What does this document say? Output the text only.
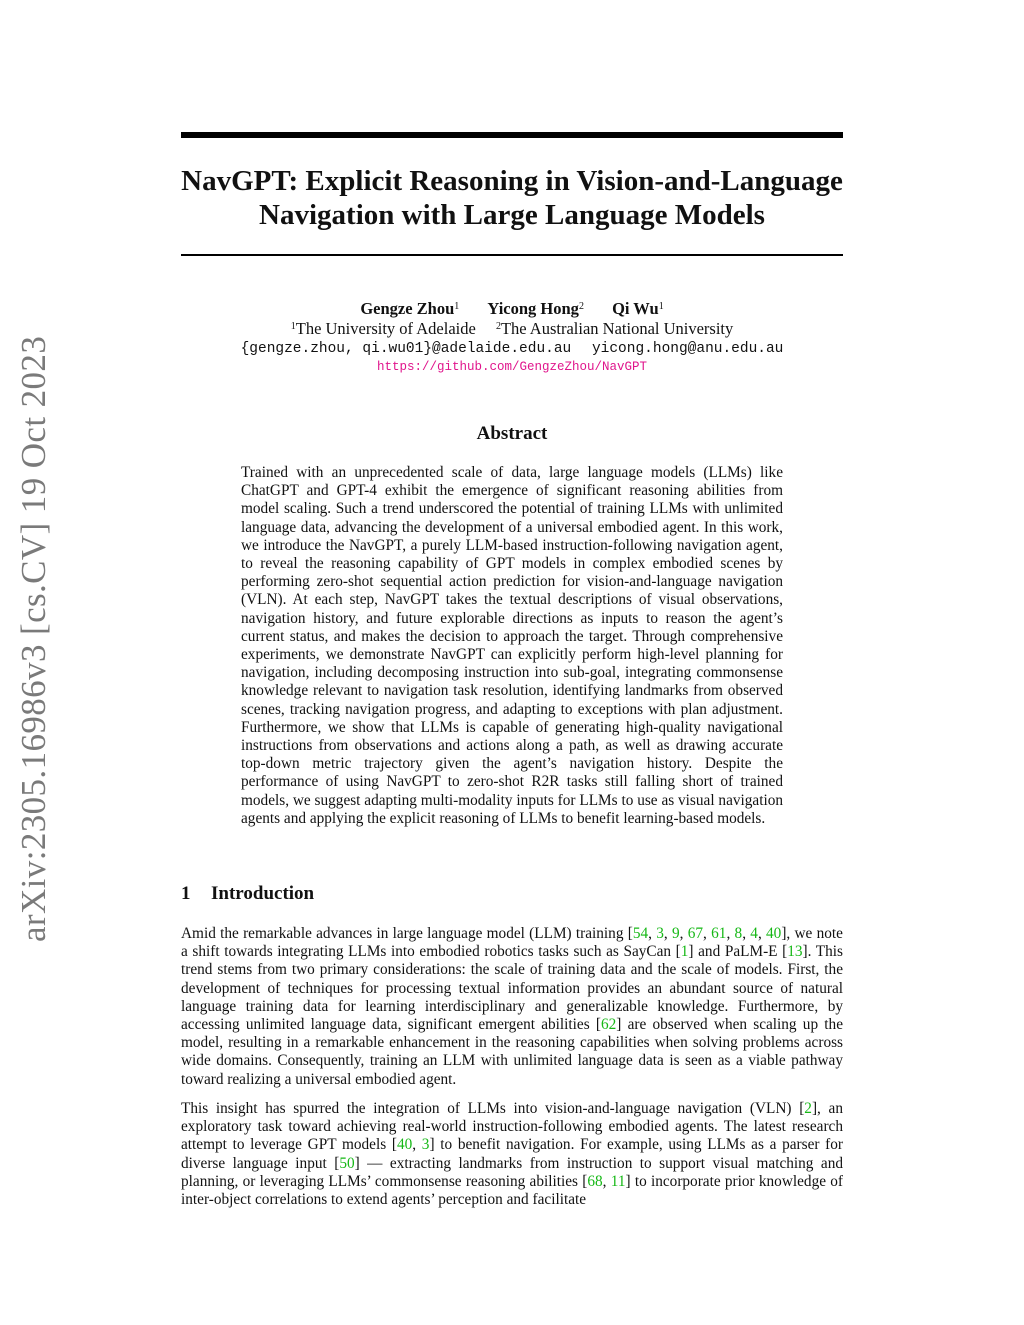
arXiv:2305.16986v3 [cs.CV] 19 Oct 2023
NavGPT: Explicit Reasoning in Vision-and-Language
Navigation with Large Language Models
Gengze Zhou$^1$ Yicong Hong$^2$ Qi Wu$^1$
$^1$The University of Adelaide $^2$The Australian National University
{gengze.zhou, qi.wu01}@adelaide.edu.au yicong.hong@anu.edu.au
https://github.com/GengzeZhou/NavGPT
Abstract

Trained with an unprecedented scale of data, large language models (LLMs) like ChatGPT and GPT-4 exhibit the emergence of significant reasoning abilities from model scaling. Such a trend underscored the potential of training LLMs with unlimited language data, advancing the development of a universal embodied agent. In this work, we introduce the NavGPT, a purely LLM-based instruction-following navigation agent, to reveal the reasoning capability of GPT models in complex embodied scenes by performing zero-shot sequential action prediction for vision-and-language navigation (VLN). At each step, NavGPT takes the textual descriptions of visual observations, navigation history, and future explorable directions as inputs to reason the agent’s current status, and makes the decision to approach the target. Through comprehensive experiments, we demonstrate NavGPT can explicitly perform high-level planning for navigation, including decomposing instruction into sub-goal, integrating commonsense knowledge relevant to navigation task resolution, identifying landmarks from observed scenes, tracking navigation progress, and adapting to exceptions with plan adjustment. Furthermore, we show that LLMs is capable of generating high-quality navigational instructions from observations and actions along a path, as well as drawing accurate top-down metric trajectory given the agent’s navigation history. Despite the performance of using NavGPT to zero-shot R2R tasks still falling short of trained models, we suggest adapting multi-modality inputs for LLMs to use as visual navigation agents and applying the explicit reasoning of LLMs to benefit learning-based models.

1 Introduction

Amid the remarkable advances in large language model (LLM) training [54, 3, 9, 67, 61, 8, 4, 40], we note a shift towards integrating LLMs into embodied robotics tasks such as SayCan [1] and PaLM-E [13]. This trend stems from two primary considerations: the scale of training data and the scale of models. First, the development of techniques for processing textual information provides an abundant source of natural language training data for learning interdisciplinary and generalizable knowledge. Furthermore, by accessing unlimited language data, significant emergent abilities [62] are observed when scaling up the model, resulting in a remarkable enhancement in the reasoning capabilities when solving problems across wide domains. Consequently, training an LLM with unlimited language data is seen as a viable pathway toward realizing a universal embodied agent.

This insight has spurred the integration of LLMs into vision-and-language navigation (VLN) [2], an exploratory task toward achieving real-world instruction-following embodied agents. The latest research attempt to leverage GPT models [40, 3] to benefit navigation. For example, using LLMs as a parser for diverse language input [50] — extracting landmarks from instruction to support visual matching and planning, or leveraging LLMs’ commonsense reasoning abilities [68, 11] to incorporate prior knowledge of inter-object correlations to extend agents’ perception and facilitate
